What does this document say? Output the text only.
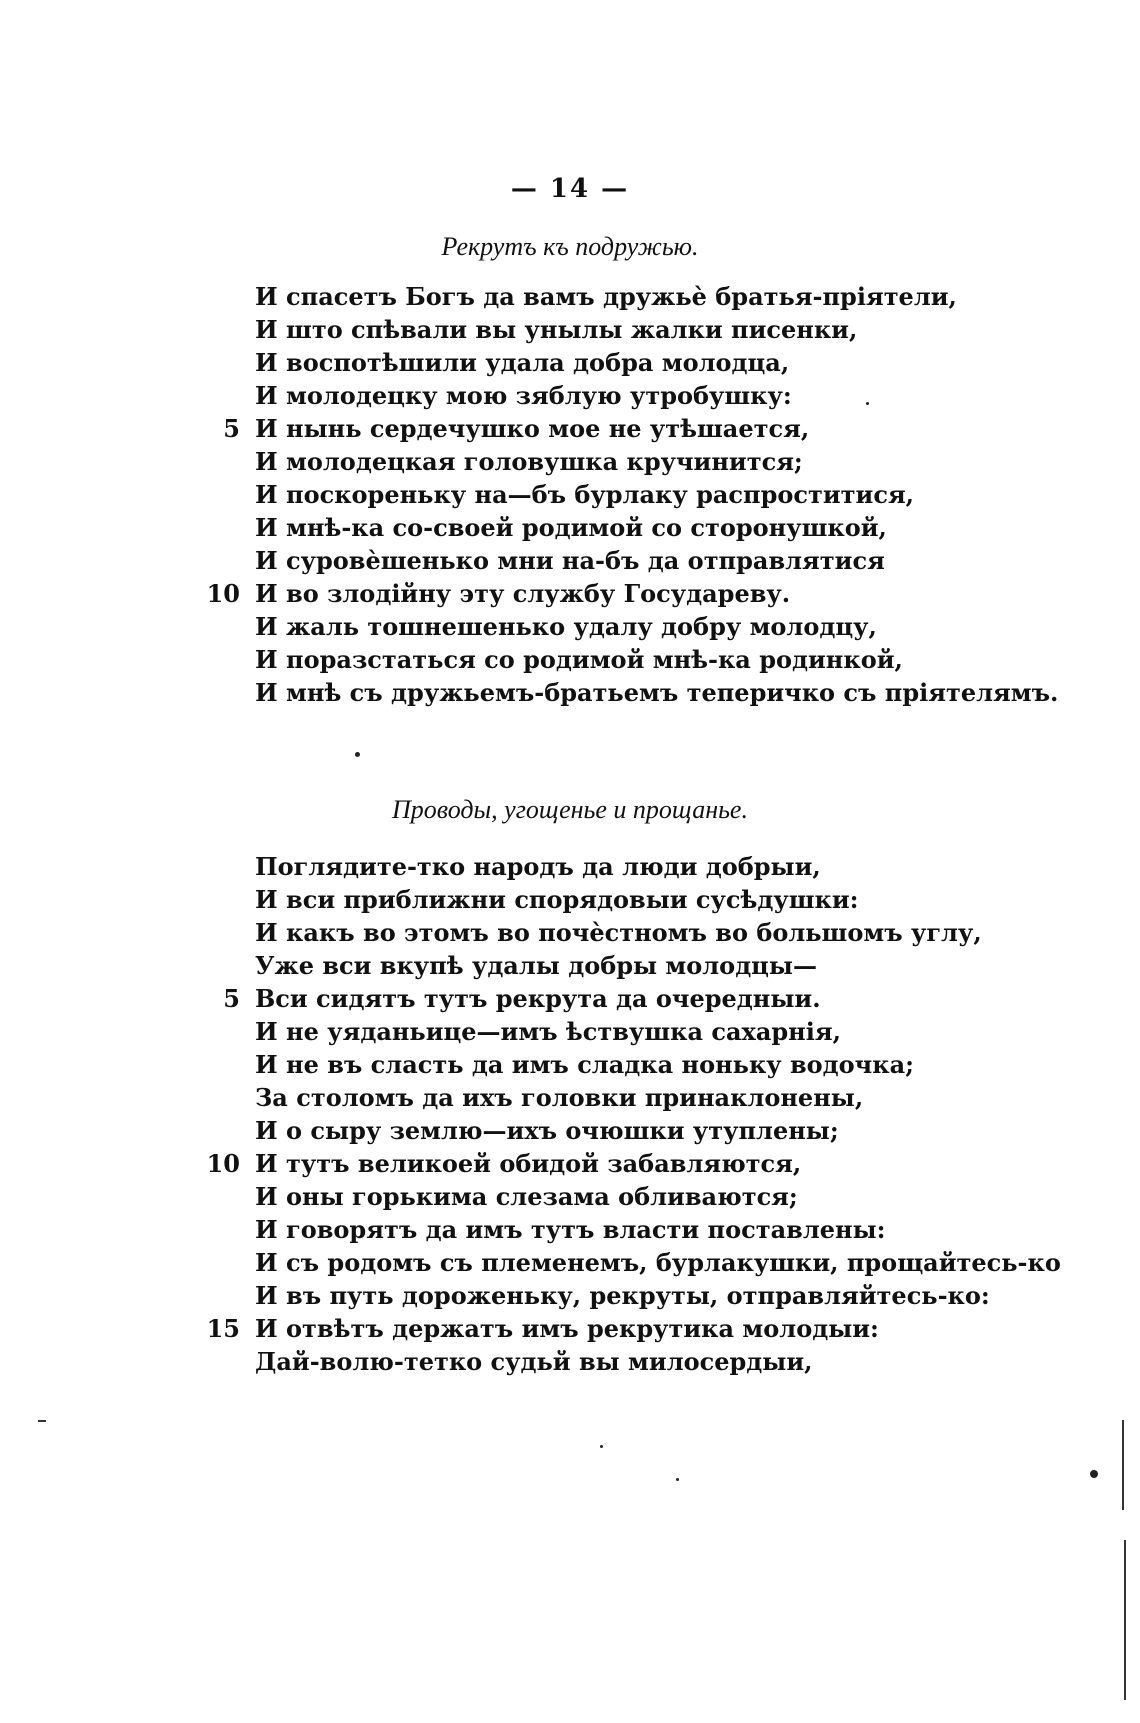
— 14 —
Рекрутъ къ подружью.
И спасетъ Богъ да вамъ дружьѐ братья-пріятели,
И што спѣвали вы унылы жалки писенки,
И воспотѣшили удала добра молодца,
И молодецку мою зяблую утробушку:
5 И нынь сердечушко мое не утѣшается,
И молодецкая головушка кручинится;
И поскореньку на—бъ бурлаку распроститися,
И мнѣ-ка со-своей родимой со сторонушкой,
И суровѐшенько мни на-бъ да отправлятися
10 И во злодійну эту службу Государеву.
И жаль тошнешенько удалу добру молодцу,
И поразстаться со родимой мнѣ-ка родинкой,
И мнѣ съ дружьемъ-братьемъ теперичко съ пріятелямъ.
Проводы, угощенье и прощанье.
Поглядите-тко народъ да люди добрыи,
И вси приближни спорядовыи сусѣдушки:
И какъ во этомъ во почѐстномъ во большомъ углу,
Уже вси вкупѣ удалы добры молодцы—
5 Вси сидятъ тутъ рекрута да очередныи.
И не уяданьице—имъ ѣствушка сахарнія,
И не въ сласть да имъ сладка ноньку водочка;
За столомъ да ихъ головки принаклонены,
И о сыру землю—ихъ очюшки утуплены;
10 И тутъ великоей обидой забавляются,
И оны горькима слезама обливаются;
И говорятъ да имъ тутъ власти поставлены:
И съ родомъ съ племенемъ, бурлакушки, прощайтесь-ко
И въ путь дороженьку, рекруты, отправляйтесь-ко:
15 И отвѣтъ держатъ имъ рекрутика молодыи:
Дай-волю-тетко судьй вы милосердыи,
